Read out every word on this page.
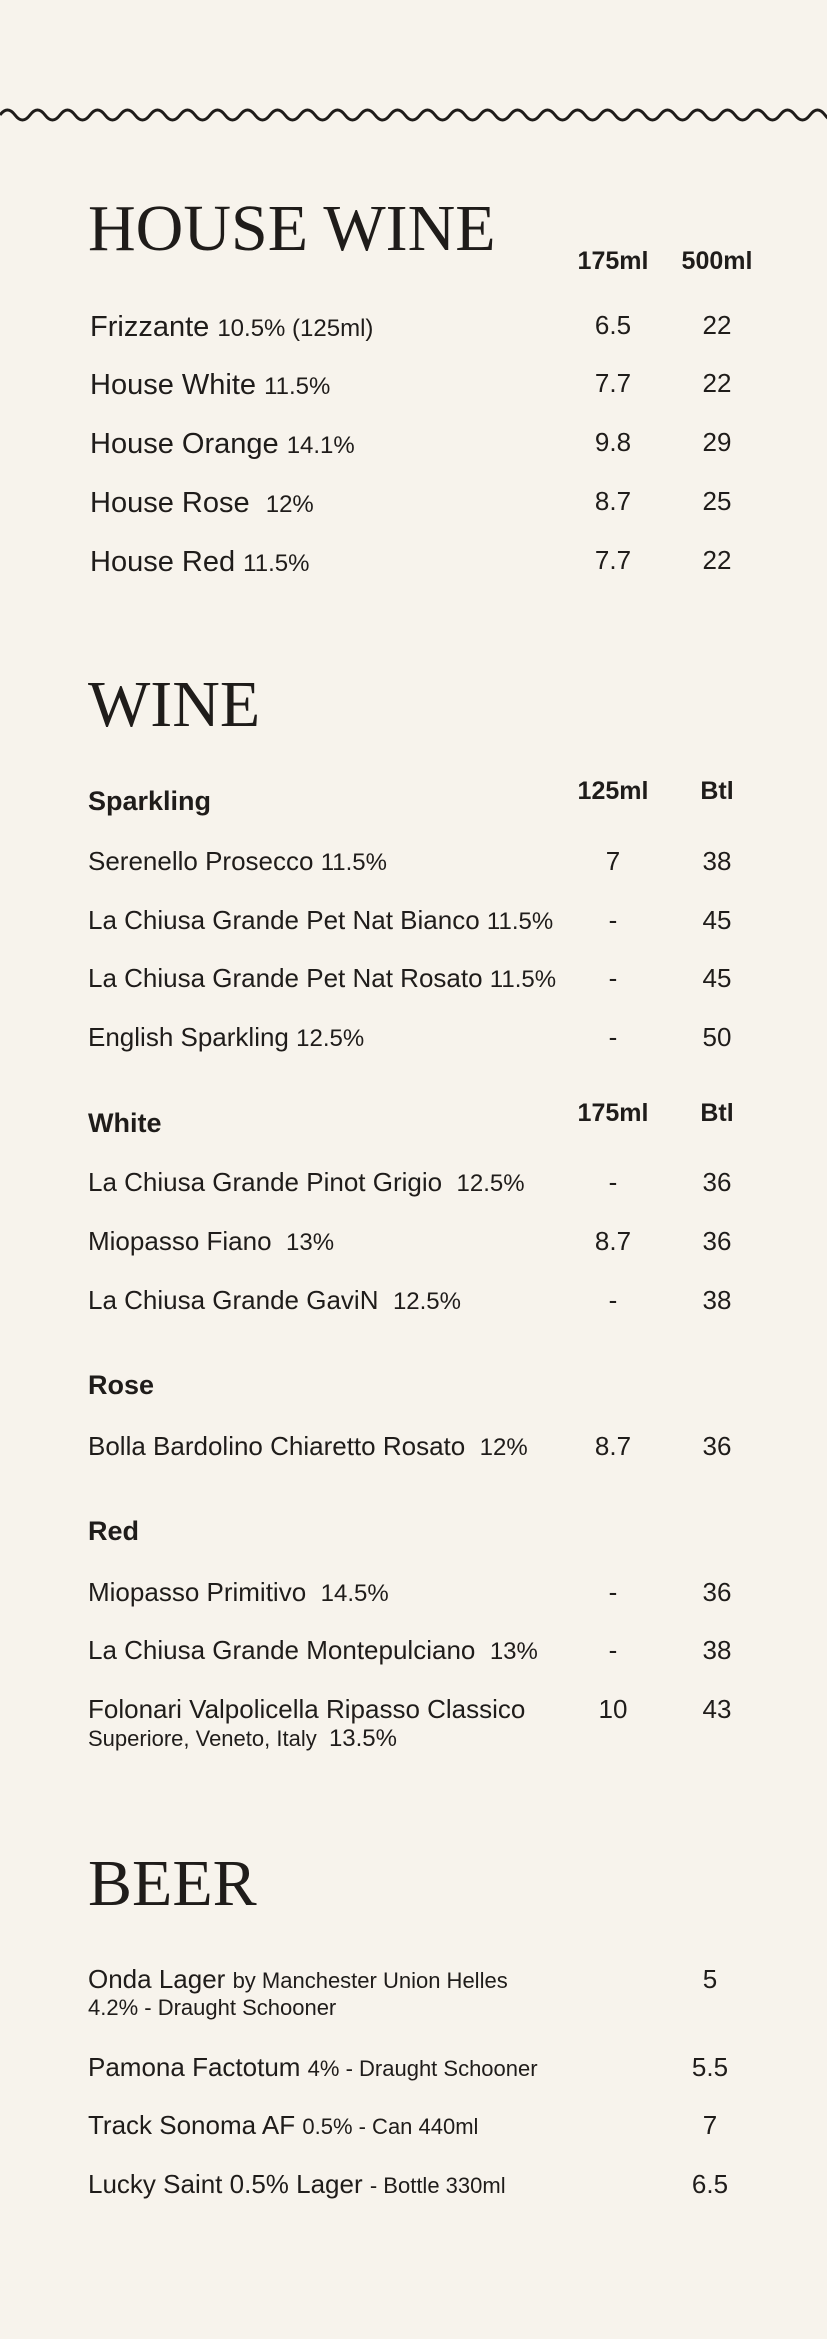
HOUSE WINE	175ml	500ml
Frizzante 10.5% (125ml)	6.5	22
House White 11.5%	7.7	22
House Orange 14.1%	9.8	29
House Rose 12%	8.7	25
House Red 11.5%	7.7	22
WINE
Sparkling	125ml	Btl
Serenello Prosecco 11.5%	7	38
La Chiusa Grande Pet Nat Bianco 11.5%	-	45
La Chiusa Grande Pet Nat Rosato 11.5%	-	45
English Sparkling 12.5%	-	50
White	175ml	Btl
La Chiusa Grande Pinot Grigio 12.5%	-	36
Miopasso Fiano 13%	8.7	36
La Chiusa Grande GaviN 12.5%	-	38
Rose
Bolla Bardolino Chiaretto Rosato 12%	8.7	36
Red
Miopasso Primitivo 14.5%	-	36
La Chiusa Grande Montepulciano 13%	-	38
Folonari Valpolicella Ripasso Classico
Superiore, Veneto, Italy 13.5%
10	43
BEER
Onda Lager by Manchester Union Helles
4.2% - Draught Schooner
5
Pamona Factotum 4% - Draught Schooner	5.5
Track Sonoma AF 0.5% - Can 440ml	7
Lucky Saint 0.5% Lager - Bottle 330ml	6.5
